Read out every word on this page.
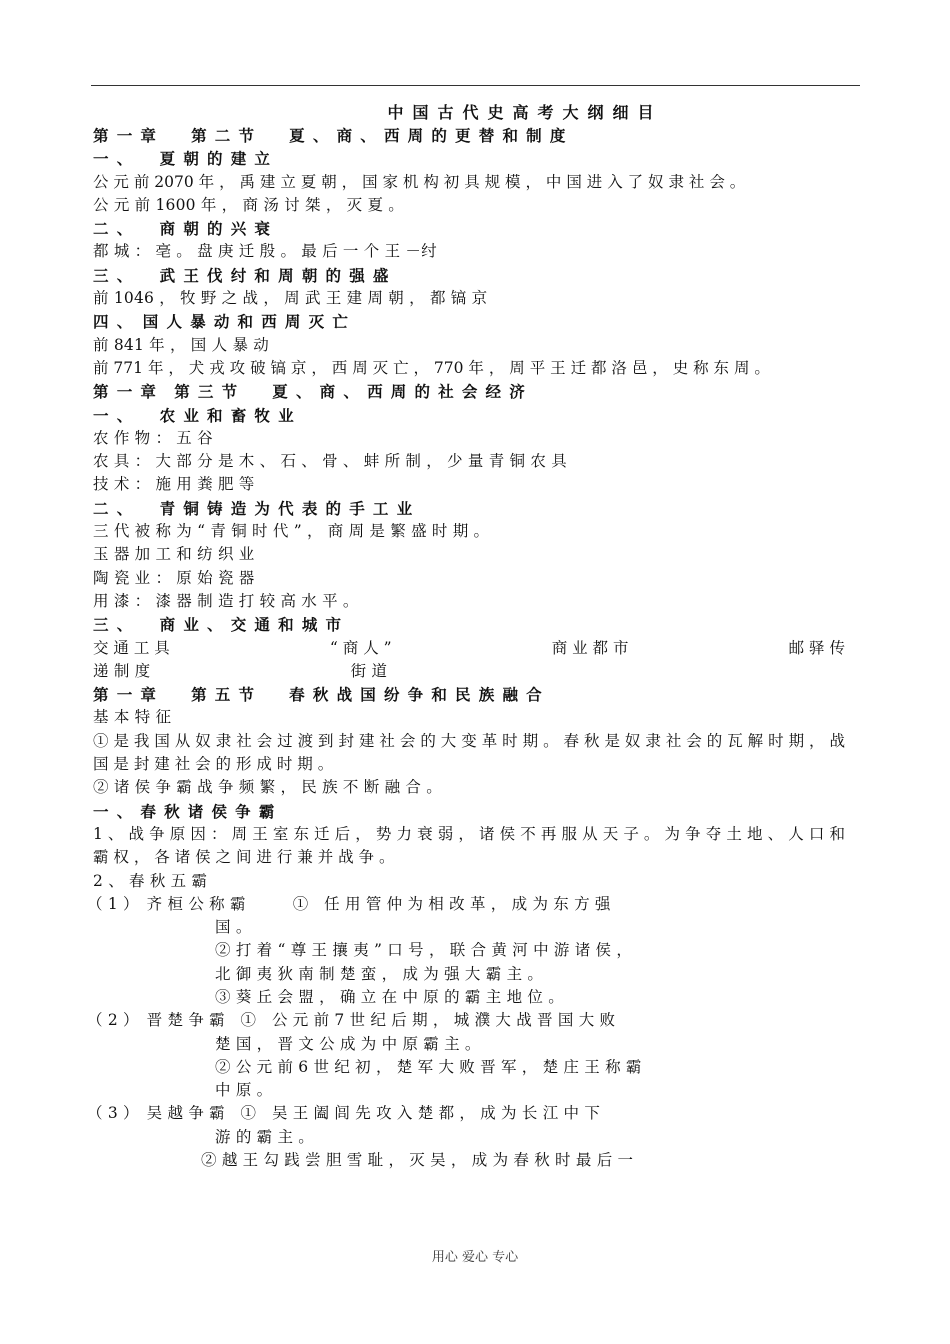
中国古代史高考大纲细目
第 一 章　　第 二 节　　夏 、 商 、 西 周 的 更 替 和 制 度
一 、　　夏 朝 的 建 立
公 元 前 2070 年 ， 禹 建 立 夏 朝 ， 国 家 机 构 初 具 规 模 ， 中 国 进 入 了 奴 隶 社 会 。
公 元 前 1600 年 ， 商 汤 讨 桀 ， 灭 夏 。
二 、　　商 朝 的 兴 衰
都 城 ： 亳 。 盘 庚 迁 殷 。 最 后 一 个 王 －纣
三 、　　武 王 伐 纣 和 周 朝 的 强 盛
前 1046 ， 牧 野 之 战 ， 周 武 王 建 周 朝 ， 都 镐 京
四 、　国 人 暴 动 和 西 周 灭 亡
前 841 年 ， 国 人 暴 动
前 771 年 ， 犬 戎 攻 破 镐 京 ， 西 周 灭 亡 ， 770 年 ， 周 平 王 迁 都 洛 邑 ， 史 称 东 周 。
第 一 章　第 三 节　　夏 、 商 、 西 周 的 社 会 经 济
一 、　　农 业 和 畜 牧 业
农 作 物 ： 五 谷
农 具 ： 大 部 分 是 木 、 石 、 骨 、 蚌 所 制 ， 少 量 青 铜 农 具
技 术 ： 施 用 粪 肥 等
二 、　　青 铜 铸 造 为 代 表 的 手 工 业
三 代 被 称 为 “ 青 铜 时 代 ” ， 商 周 是 繁 盛 时 期 。
玉 器 加 工 和 纺 织 业
陶 瓷 业 ： 原 始 瓷 器
用 漆 ： 漆 器 制 造 打 较 高 水 平 。
三 、　　商 业 、 交 通 和 城 市
交 通 工 具	“ 商 人 ”	商 业 都 市	邮 驿 传
递 制 度	街 道
第 一 章　　第 五 节　　春 秋 战 国 纷 争 和 民 族 融 合
基 本 特 征
① 是 我 国 从 奴 隶 社 会 过 渡 到 封 建 社 会 的 大 变 革 时 期 。 春 秋 是 奴 隶 社 会 的 瓦 解 时 期 ， 战 国 是 封 建 社 会 的 形 成 时 期 。
② 诸 侯 争 霸 战 争 频 繁 ， 民 族 不 断 融 合 。
一 、 春 秋 诸 侯 争 霸
1 、 战 争 原 因 ： 周 王 室 东 迁 后 ， 势 力 衰 弱 ， 诸 侯 不 再 服 从 天 子 。 为 争 夺 土 地 、 人 口 和 霸 权 ， 各 诸 侯 之 间 进 行 兼 并 战 争 。
2 、 春 秋 五 霸
（ 1 ）　齐 桓 公 称 霸　　　①　任 用 管 仲 为 相 改 革 ， 成 为 东 方 强
国 。
② 打 着 “ 尊 王 攘 夷 ” 口 号 ， 联 合 黄 河 中 游 诸 侯 ，
北 御 夷 狄 南 制 楚 蛮 ， 成 为 强 大 霸 主 。
③ 葵 丘 会 盟 ， 确 立 在 中 原 的 霸 主 地 位 。
（ 2 ）　晋 楚 争 霸　①　公 元 前 7 世 纪 后 期 ， 城 濮 大 战 晋 国 大 败
楚 国 ， 晋 文 公 成 为 中 原 霸 主 。
② 公 元 前 6 世 纪 初 ， 楚 军 大 败 晋 军 ， 楚 庄 王 称 霸
中 原 。
（ 3 ）　吴 越 争 霸　①　吴 王 阖 闾 先 攻 入 楚 都 ， 成 为 长 江 中 下
游 的 霸 主 。
② 越 王 勾 践 尝 胆 雪 耻 ， 灭 吴 ， 成 为 春 秋 时 最 后 一
用心 爱心 专心
